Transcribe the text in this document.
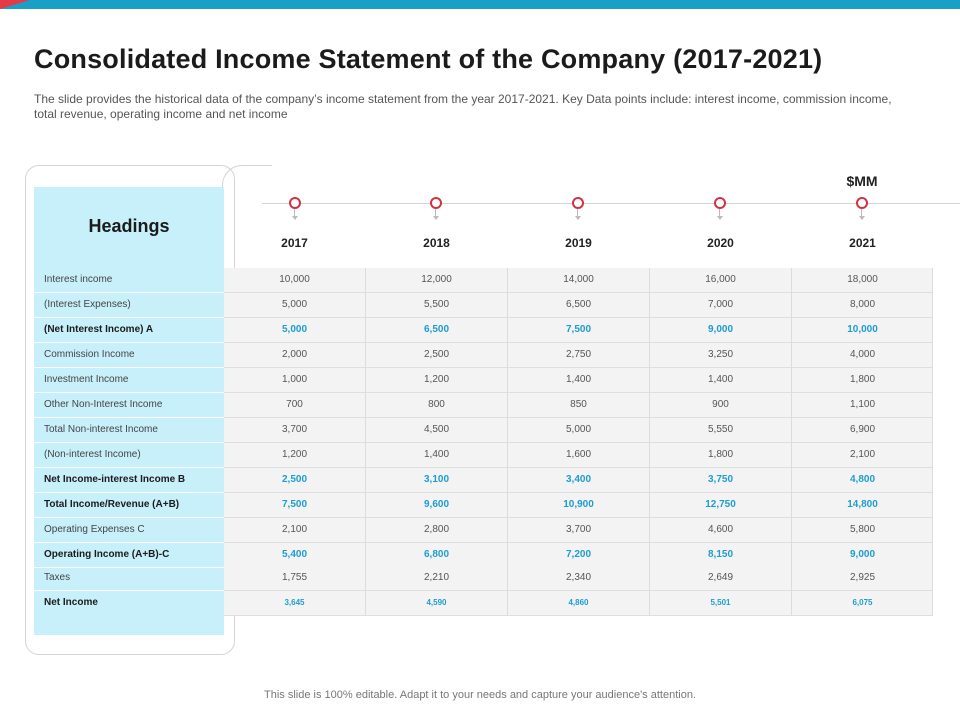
Consolidated Income Statement of the Company (2017-2021)
The slide provides the historical data of the company’s income statement from the year 2017-2021. Key Data points include: interest income, commission income, total revenue, operating income and net income
$MM
Headings
2017	2018	2019	2020	2021
Interest income	10,000	12,000	14,000	16,000	18,000
(Interest Expenses)	5,000	5,500	6,500	7,000	8,000
(Net Interest Income) A	5,000	6,500	7,500	9,000	10,000
Commission Income	2,000	2,500	2,750	3,250	4,000
Investment Income	1,000	1,200	1,400	1,400	1,800
Other Non-Interest Income	700	800	850	900	1,100
Total Non-interest Income	3,700	4,500	5,000	5,550	6,900
(Non-interest Income)	1,200	1,400	1,600	1,800	2,100
Net Income-interest Income B	2,500	3,100	3,400	3,750	4,800
Total Income/Revenue (A+B)	7,500	9,600	10,900	12,750	14,800
Operating Expenses C	2,100	2,800	3,700	4,600	5,800
Operating Income (A+B)-C	5,400	6,800	7,200	8,150	9,000
Taxes	1,755	2,210	2,340	2,649	2,925
Net Income	3,645	4,590	4,860	5,501	6,075
This slide is 100% editable. Adapt it to your needs and capture your audience's attention.
